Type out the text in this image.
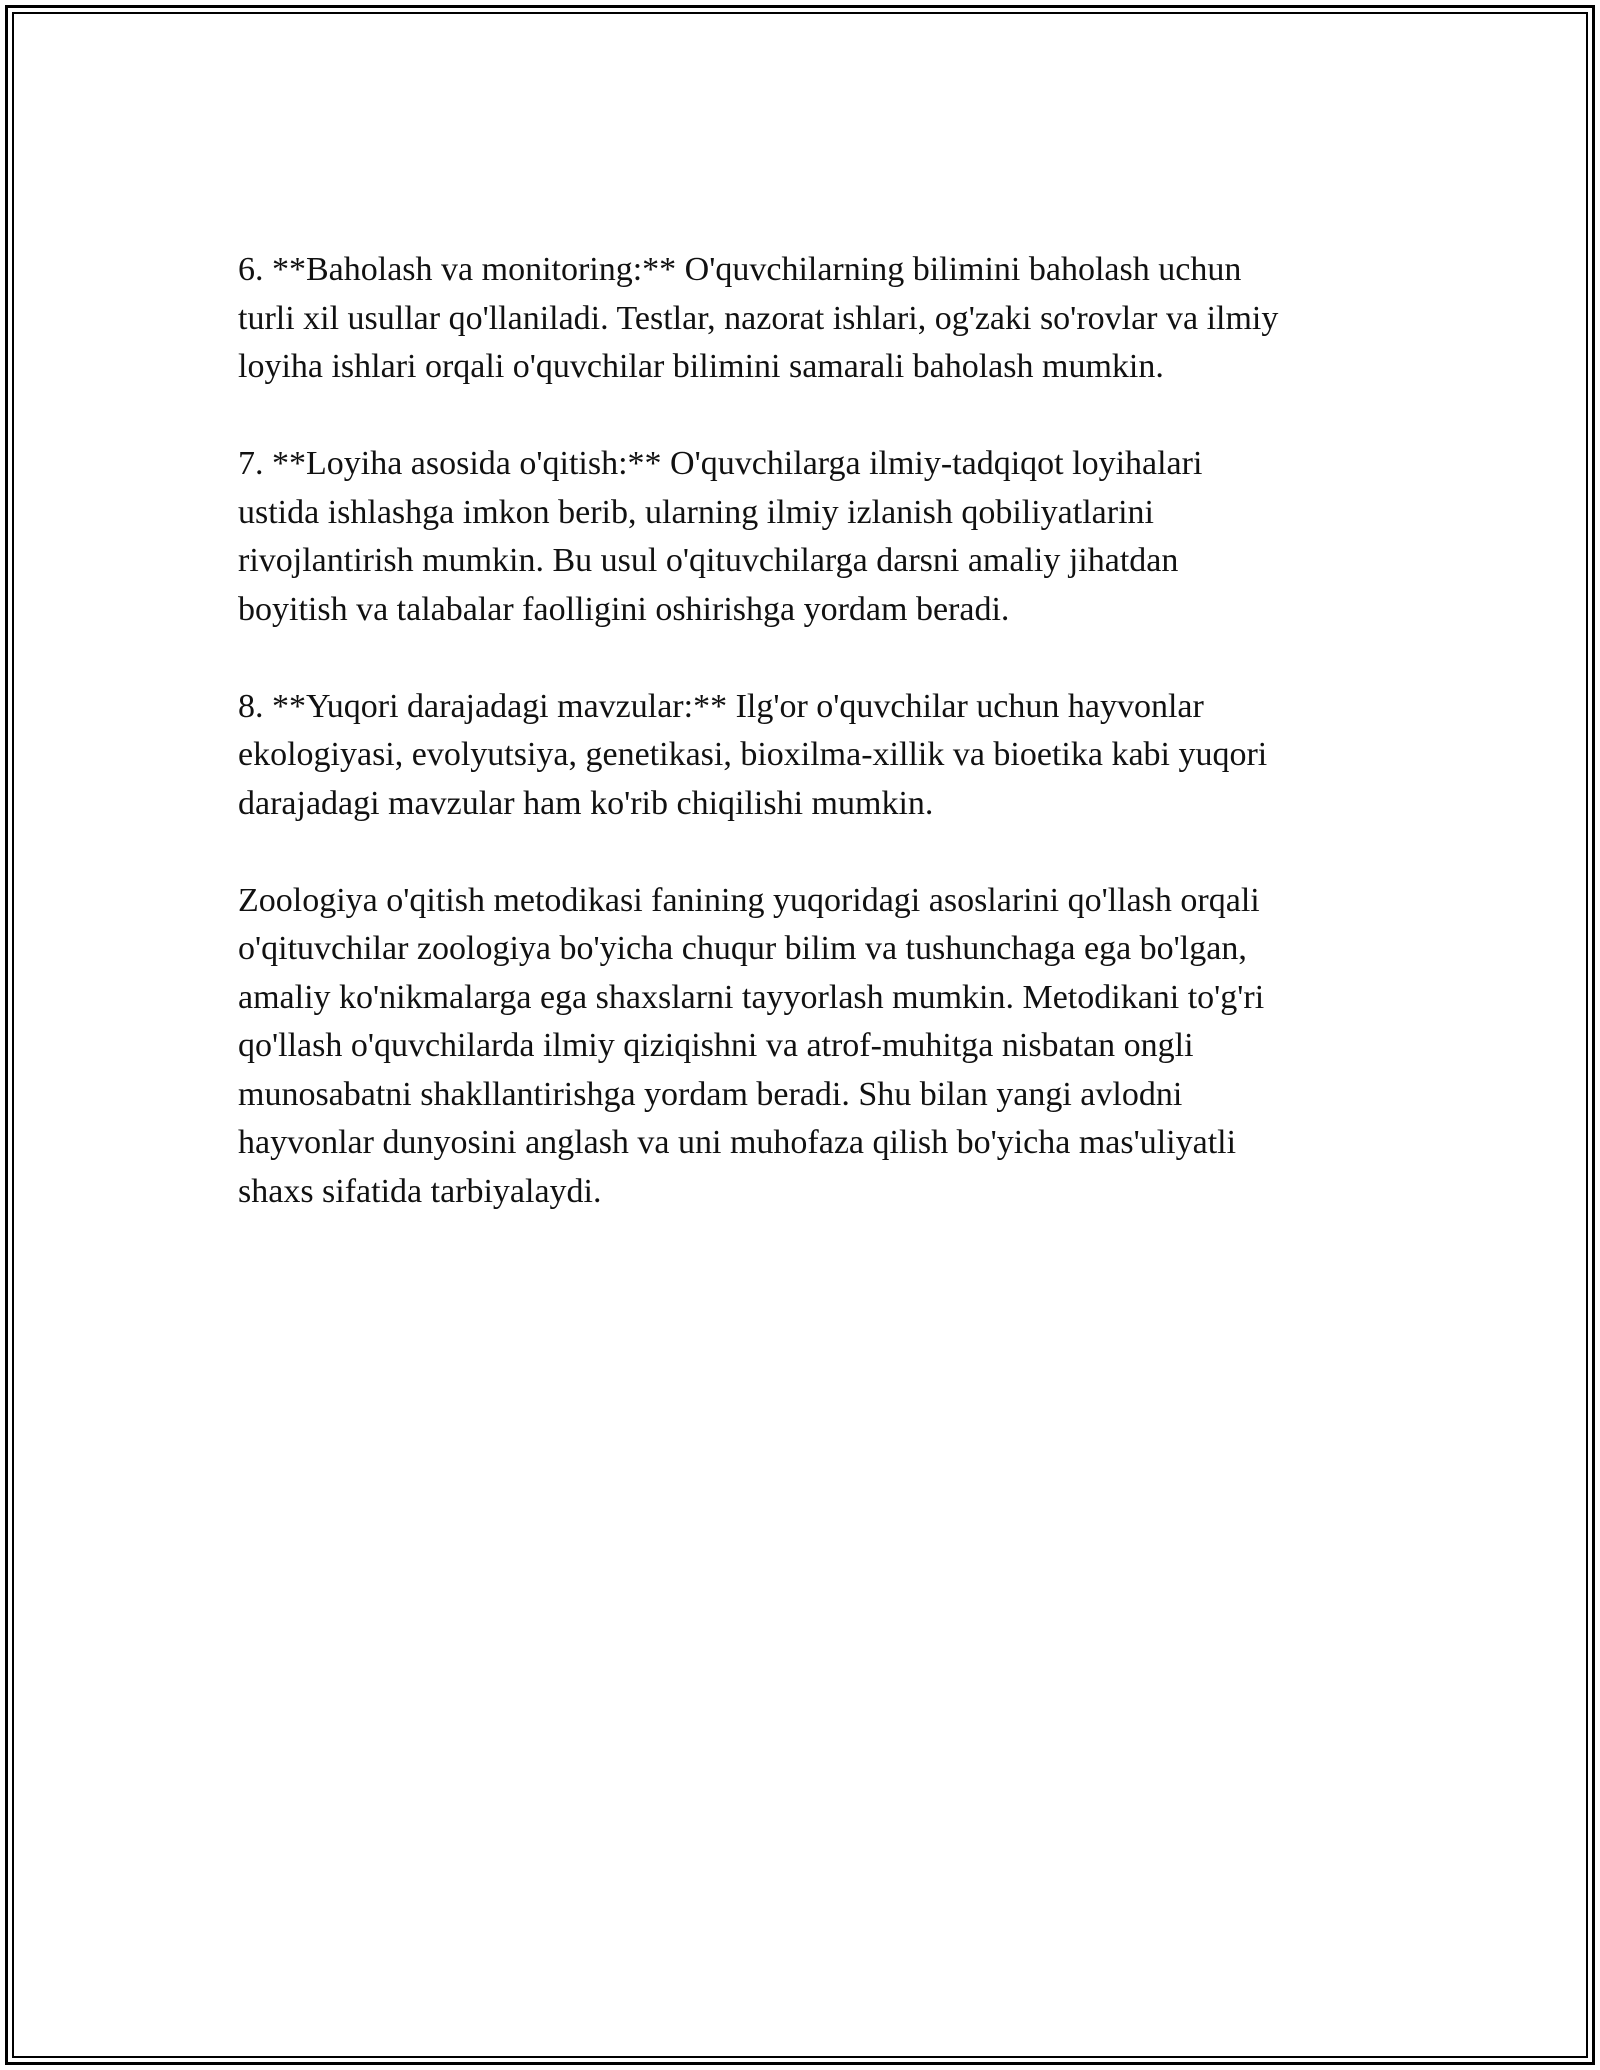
6. **Baholash va monitoring:** O'quvchilarning bilimini baholash uchun
turli xil usullar qo'llaniladi. Testlar, nazorat ishlari, og'zaki so'rovlar va ilmiy
loyiha ishlari orqali o'quvchilar bilimini samarali baholash mumkin.

7. **Loyiha asosida o'qitish:** O'quvchilarga ilmiy-tadqiqot loyihalari
ustida ishlashga imkon berib, ularning ilmiy izlanish qobiliyatlarini
rivojlantirish mumkin. Bu usul o'qituvchilarga darsni amaliy jihatdan
boyitish va talabalar faolligini oshirishga yordam beradi.

8. **Yuqori darajadagi mavzular:** Ilg'or o'quvchilar uchun hayvonlar
ekologiyasi, evolyutsiya, genetikasi, bioxilma-xillik va bioetika kabi yuqori
darajadagi mavzular ham ko'rib chiqilishi mumkin.

Zoologiya o'qitish metodikasi fanining yuqoridagi asoslarini qo'llash orqali
o'qituvchilar zoologiya bo'yicha chuqur bilim va tushunchaga ega bo'lgan,
amaliy ko'nikmalarga ega shaxslarni tayyorlash mumkin. Metodikani to'g'ri
qo'llash o'quvchilarda ilmiy qiziqishni va atrof-muhitga nisbatan ongli
munosabatni shakllantirishga yordam beradi. Shu bilan yangi avlodni
hayvonlar dunyosini anglash va uni muhofaza qilish bo'yicha mas'uliyatli
shaxs sifatida tarbiyalaydi.
